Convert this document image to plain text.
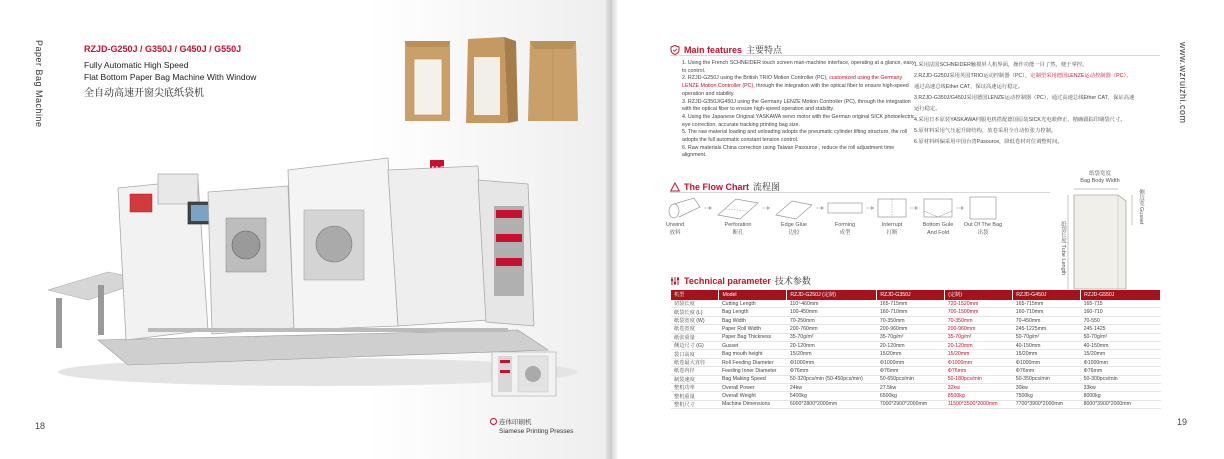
Paper Bag Machine
18
RZJD-G250J / G350J / G450J / G550J
Fully Automatic High Speed
Flat Bottom Paper Bag Machine With Window
全自动高速开窗尖底纸袋机
连体印刷机
Siamese Printing Presses
www.wzruizhi.com
19
Main features 主要特点
1. Using the French SCHNEIDER touch screen man-machine interface, operating at a glance, easy to control.
2. RZJD-G250J using the British TRIO Motion Controller (PC), customized using the Germany LENZE Motion Controller (PC), through the integration with the optical fiber to ensure high-speed operation and stability.
3. RZJD-G350J/G450J using the Germany LENZE Motion Controller (PC), through the integration with the optical fiber to ensure high-speed operation and stability.
4. Using the Japanese Original YASKAWA servo motor with the German original SICK photoelectric eye correction, accurate tracking printing bag size.
5. The raw material loading and unloading adopts the pneumatic cylinder lifting structure, the roll adopts the full automatic constant tension control.
6. Raw materials China correction using Taiwan Pasource , reduce the roll adjustment time alignment.
1.采用法国SCHNEIDER触摸屏人机界面，操作功能一目了然，便于掌控。
2.RZJD-G250J采用英国TRIO运动控制器（PC），定制型采用德国LENZE运动控制器（PC），
通过高速总线Ether CAT，保证高速运行稳定。
3.RZJD-G350J/G450J采用德国LENZE运动控制器（PC），通过高速总线Ether CAT，保证高速
运行稳定。
4.采用日本原装YASKAWA伺服电机搭配德国原装SICK光电眼修正，精确跟踪印刷袋尺寸。
5.原材料采用气压起升降结构，放卷采用全自动恒张力控制。
6.原材料纠偏采用中国台湾Pasource，降低卷材对位调整时间。
The Flow Chart 流程图
Unwind
放料
Perforation
断孔
Edge Glue
边胶
Forming
成型
Interrupt
打断
Bottom Gule
And Fold
Out Of The Bag
出袋
纸袋宽度
Bag Body Width
纸袋长度 Tube Length
侧边宽 Gusset
Technical parameter 技术参数
机型	Model	RZJD-G250J (定制)	RZJD-G350J	(定制)	RZJD-G450J	RZJD-G550J
切袋长度	Cutting Length	110~460mm	165-715mm	720-1520mm	165-715mm	165-715
纸袋长度 (L)	Bag Length	100-450mm	160-710mm	700-1500mm	160-710mm	160-710
纸袋宽度 (W)	Bag Width	70-250mm	70-350mm	70-350mm	70-450mm	70-550
纸卷宽度	Paper Roll Width	200-760mm	200-960mm	200-960mm	245-1225mm	245-1425
纸张重量	Paper Bag Thickness	35-70g/m²	35-70g/m²	35-70g/m²	50-70g/m²	50-70g/m²
侧边尺寸 (G)	Gusset	20-120mm	20-120mm	20-120mm	40-150mm	40-150mm
袋口高度	Bag mouth height	15/20mm	15/20mm	15/20mm	15/20mm	15/20mm
纸卷最大直径	Roll Feeding Diameter	Φ1000mm	Φ1000mm	Φ1000mm	Φ1000mm	Φ1000mm
纸卷内径	Feeding Inner Diameter	Φ76mm	Φ76mm	Φ76mm	Φ76mm	Φ76mm
制袋速度	Bag Making Speed	50-320pcs/min (50-450pcs/min)	50-650pcs/min	50-180pcs/min	50-350pcs/min	50-300pcs/min
整机功率	Overall Power	24kw	27.5kw	32kw	30kw	33kw
整机重量	Overall Weight	5400kg	6500kg	8500kg	7500kg	8000kg
整机尺寸	Machine Dimensions	6000*2800*2000mm	7000*2900*2000mm	11500*3500*2000mm	7700*3900*2000mm	8000*3900*2000mm
